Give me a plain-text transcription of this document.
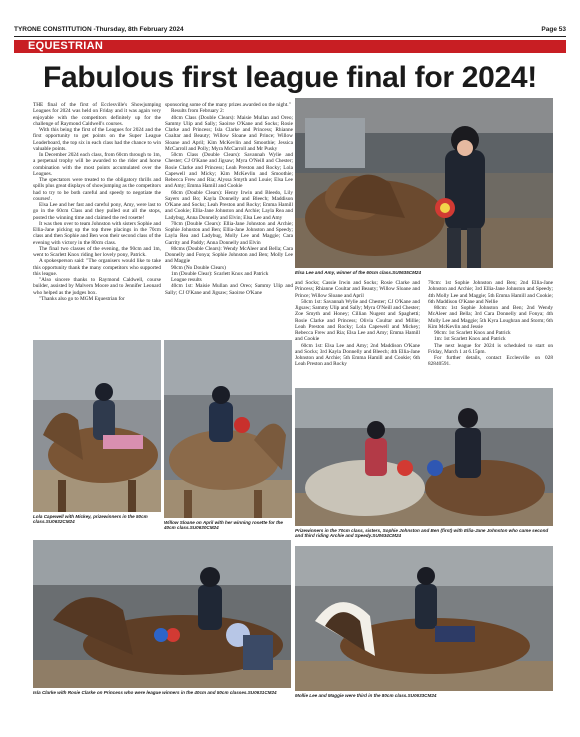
TYRONE CONSTITUTION -Thursday, 8th February 2024	Page 53
EQUESTRIAN
Fabulous first league final for 2024!

THE final of the first of Ecclesville's Showjumping Leagues for 2024 was held on Friday and it was again very enjoyable with the competitors definitely up for the challenge of Raymond Caldwell's courses.

With this being the first of the Leagues for 2024 and the first opportunity to get points on the Super League Leaderboard, the top six in each class had the chance to win valuable points.

In December 2024 each class, from 60cm through to 1m, a perpetual trophy will be awarded to the rider and horse combination with the most points accumulated over the Leagues.

The spectators were treated to the obligatory thrills and spills plus great displays of showjumping as the competitors had to try to be both careful and speedy to negotiate the courses!.

Elsa Lee and her fast and careful pony, Amy, were last to go in the 60cm Class and they pulled out all the stops, posted the winning time and claimed the red rosette!

It was then over to team Johnston with sisters Sophie and Ellia-Jane picking up the top three placings in the 70cm class and then Sophie and Ben won their second class of the evening with victory in the 80cm class.

The final two classes of the evening, the 90cm and 1m, went to Scarlett Knox riding her lovely pony, Patrick.

A spokesperson said: "The organisers would like to take this opportunity thank the many competitors who supported this league.

"Also sincere thanks to Raymond Caldwell, course builder, assisted by Malvern Moore and to Jennifer Leonard who helped as the judges box.

"Thanks also go to MGM Equestrian for

sponsoring some of the many prizes awarded on the night."

Results from February 2:

40cm Class (Double Clears): Maisie Mullan and Oreo; Sammy Ulip and Sally; Saoirse O'Kane and Socks; Rosie Clarke and Princess; Isla Clarke and Princess; Rhianne Coaltar and Beauty; Willow Sloane and Prince; Willow Sloane and April; Kim McKevlin and Smoothie; Jessica McCarroll and Polly; Myra McCarroll and Mr Pusky

50cm Class (Double Clears): Savannah Wylie and Chester; CJ O'Kane and Jigsaw; Myra O'Neill and Chester; Rosie Clarke and Princess; Leah Preston and Rocky; Lola Capewell and Micky; Kim McKevlin and Smoothie; Rebecca Frew and Ria; Alyssa Smyth and Louie; Elsa Lee and Amy; Emma Hamill and Cookie

60cm (Double Clears): Henry Irwin and Bleedo, Lily Sayers and Bo; Kayla Donnelly and Bleech; Maddison O'Kane and Socks; Leah Preston and Rocky; Emma Hamill and Cookie; Ellia-Jane Johnston and Archie; Layla Rea and Ladybug, Anna Donnelly and Elvin; Elsa Lee and Amy

70cm (Double Clears): Ellia-Jane Johnston and Archie; Sophie Johnston and Ben; Ellia-Jane Johnston and Speedy; Layla Rea and Ladybug, Molly Lee and Maggie; Cara Garrity and Paddy; Anna Donnelly and Elvin

80cms (Double Clears): Wendy McAleer and Bella; Cara Donnelly and Fonya; Sophie Johnston and Ben; Molly Lee and Maggie

90cm (No Double Clears)

1m (Double Clear): Scarlett Knox and Patrick

League results

40cm 1st: Maisie Mullan and Oreo; Sammy Ulip and Sally; CJ O'Kane and Jigsaw; Saoirse O'Kane

and Socks; Cassie Irwin and Socks; Rosie Clarke and Princess; Rhianne Coultar and Beauty; Willow Sloane and Prince; Willow Sloane and April

50cm 1st: Savannah Wylie and Chester; CJ O'Kane and Jigsaw; Sammy Ulip and Sally; Myra O'Neill and Chester; Zoe Smyth and Honey; Cillian Nugent and Spaghetti; Rosie Clarke and Princess; Olivia Coultar and Millie; Leah Preston and Rocky; Lola Capewell and Mickey; Rebecca Frew and Ria; Elsa Lee and Amy; Emma Hamill and Cookie

60cm 1st: Elsa Lee and Amy; 2nd Maddison O'Kane and Socks; 3rd Kayla Donnelly and Bleech; 4th Ellia-Jane Johnston and Archie; 5th Emma Hamill and Cookie; 6th Leah Preston and Rocky

70cm: 1st Sophie Johnston and Ben; 2nd Ellia-Jane Johnston and Archie; 3rd Ellia-Jane Johnston and Speedy; 4th Molly Lee and Maggie; 5th Emma Hamill and Cookie; 6th Maddison O'Kane and Nellie

80cm: 1st Sophie Johnston and Ben; 2nd Wendy McAleer and Bella; 3rd Cara Donnelly and Fonya; 4th Molly Lee and Maggie; 5th Kyra Loughran and Storm; 6th Kim McKevlin and Jessie

90cm: 1st Scarlett Knox and Patrick

1m: 1st Scarlett Knox and Patrick

The next league for 2024 is scheduled to start on Friday, March 1 at 6.15pm.

For further details, contact Ecclesville on 028 82840591.

Elsa Lee and Amy, winner of the 60cm class.SU0635CM24
Lola Capewell with Mickey, prizewinners in the 50cm class.SU0632CM24	Willow Sloane on April with her winning rosette for the 40cm class.SU0630CM24
Prizewinners in the 70cm class, sisters, Sophie Johnston and Ben (first) with Ellia-Jane Johnston who came second and third riding Archie and Speedy.SU0634CM24
Isla Clarke with Rosie Clarke on Princess who were league winners in the 40cm and 50cm classes.SU0631CM24
Mollie Lee and Maggie were third in the 80cm class.SU0633CM24
